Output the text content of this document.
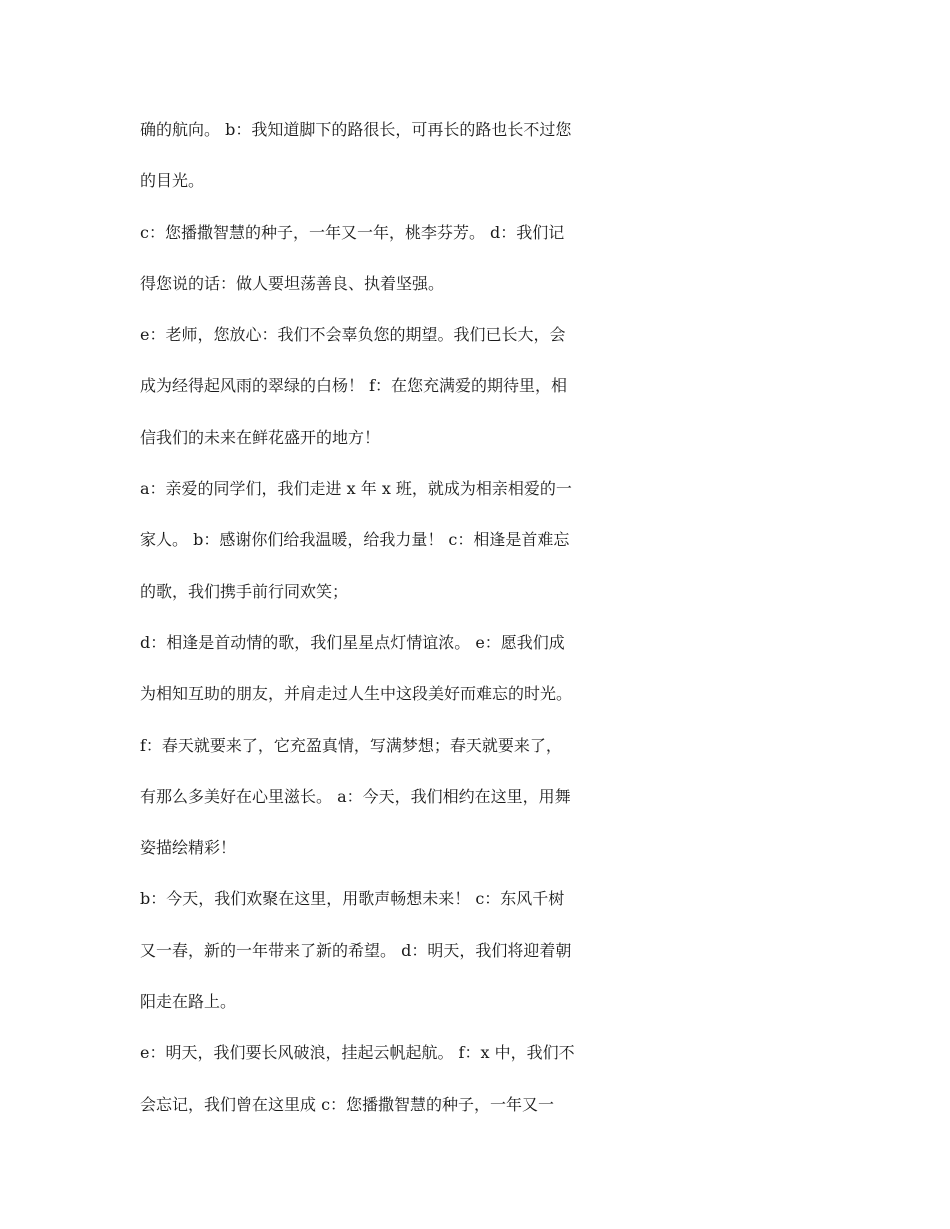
确的航向。 b：我知道脚下的路很长，可再长的路也长不过您
的目光。
c：您播撒智慧的种子，一年又一年，桃李芬芳。 d：我们记
得您说的话：做人要坦荡善良、执着坚强。
e：老师，您放心：我们不会辜负您的期望。我们已长大，会
成为经得起风雨的翠绿的白杨！ f：在您充满爱的期待里，相
信我们的未来在鲜花盛开的地方！
a：亲爱的同学们，我们走进 x 年 x 班，就成为相亲相爱的一
家人。 b：感谢你们给我温暖，给我力量！ c：相逢是首难忘
的歌，我们携手前行同欢笑；
d：相逢是首动情的歌，我们星星点灯情谊浓。 e：愿我们成
为相知互助的朋友，并肩走过人生中这段美好而难忘的时光。
f：春天就要来了，它充盈真情，写满梦想；春天就要来了，
有那么多美好在心里滋长。 a：今天，我们相约在这里，用舞
姿描绘精彩！
b：今天，我们欢聚在这里，用歌声畅想未来！ c：东风千树
又一春，新的一年带来了新的希望。 d：明天，我们将迎着朝
阳走在路上。
e：明天，我们要长风破浪，挂起云帆起航。 f：x 中，我们不
会忘记，我们曾在这里成 c：您播撒智慧的种子，一年又一
